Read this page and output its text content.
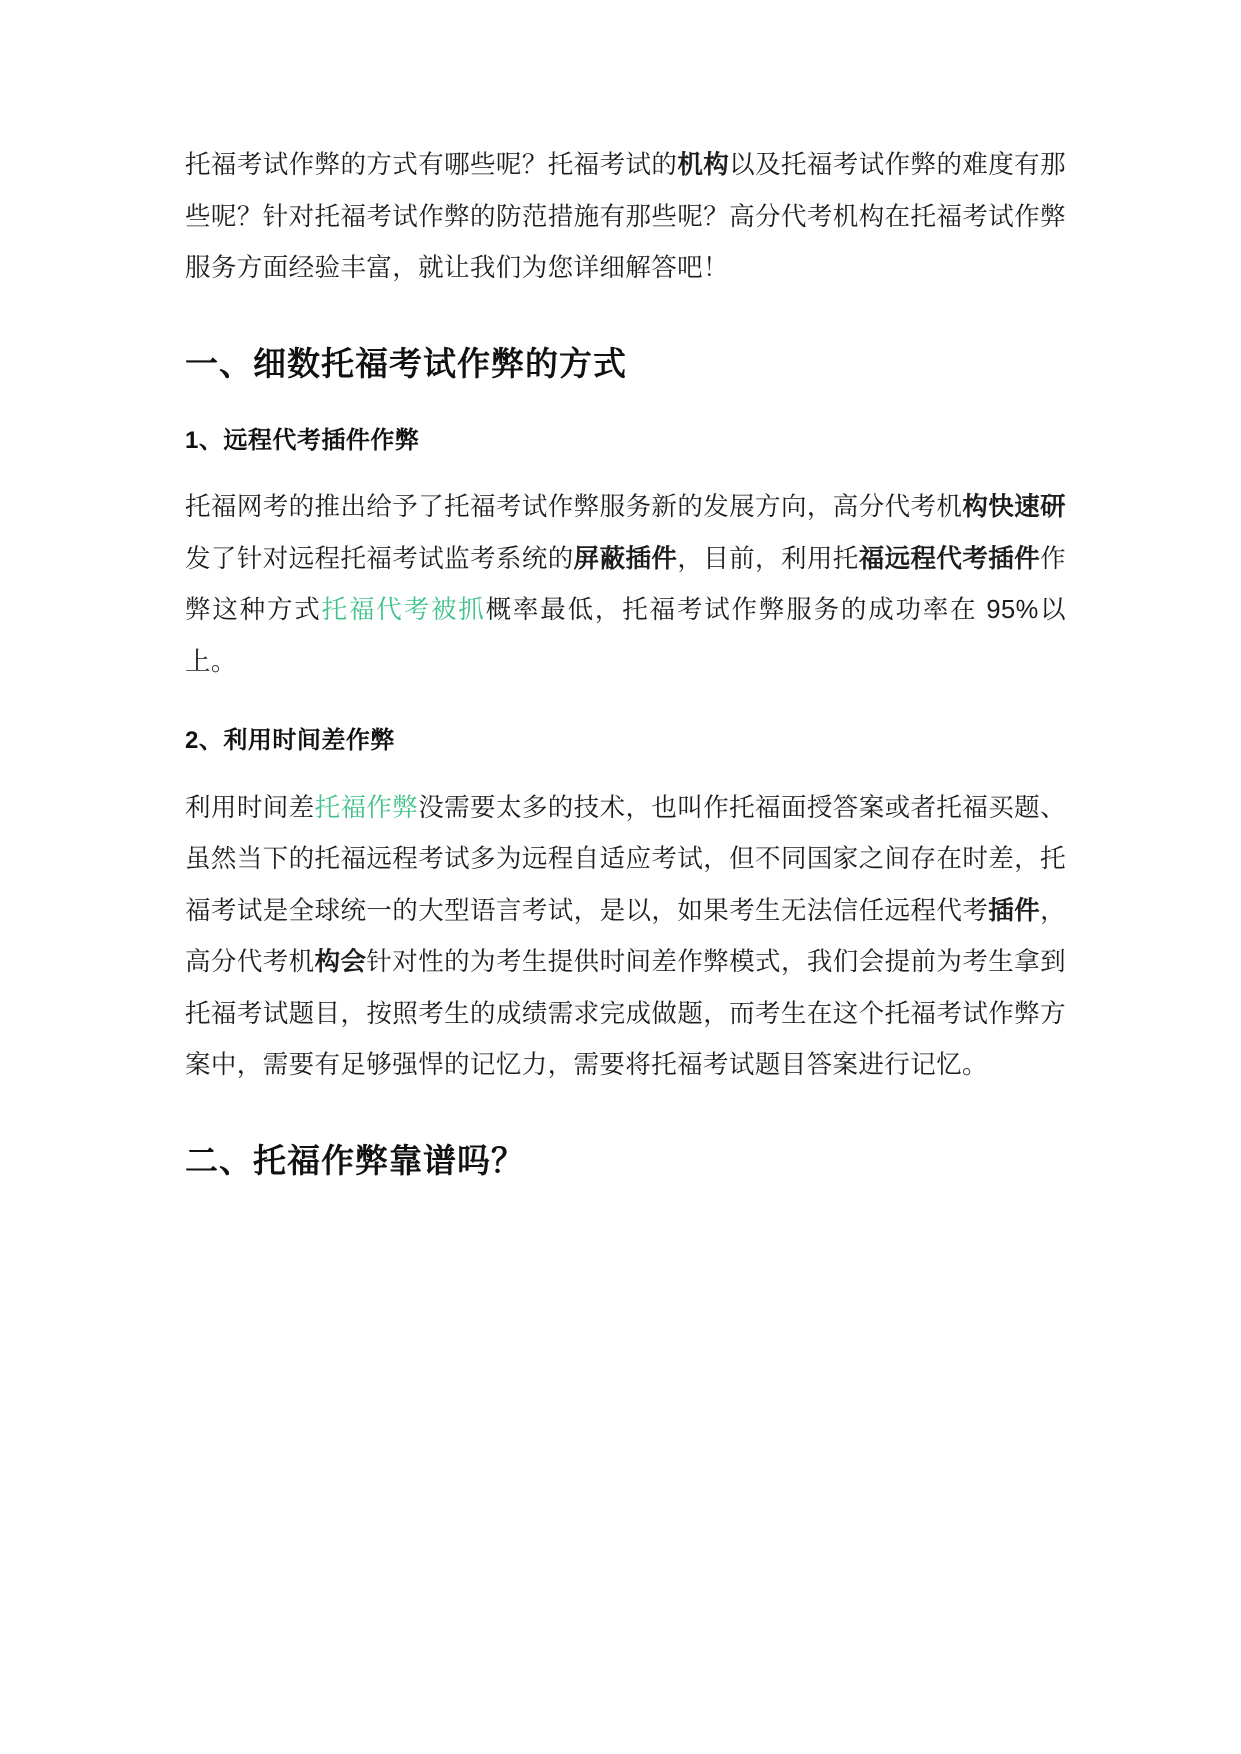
托福考试作弊的方式有哪些呢？托福考试的机构以及托福考试作弊的难度有那些呢？针对托福考试作弊的防范措施有那些呢？高分代考机构在托福考试作弊服务方面经验丰富，就让我们为您详细解答吧！

一、细数托福考试作弊的方式
1、远程代考插件作弊

托福网考的推出给予了托福考试作弊服务新的发展方向，高分代考机构快速研发了针对远程托福考试监考系统的屏蔽插件，目前，利用托福远程代考插件作弊这种方式托福代考被抓概率最低，托福考试作弊服务的成功率在 95%以上。

2、利用时间差作弊

利用时间差托福作弊没需要太多的技术，也叫作托福面授答案或者托福买题、虽然当下的托福远程考试多为远程自适应考试，但不同国家之间存在时差，托福考试是全球统一的大型语言考试，是以，如果考生无法信任远程代考插件，高分代考机构会针对性的为考生提供时间差作弊模式，我们会提前为考生拿到托福考试题目，按照考生的成绩需求完成做题，而考生在这个托福考试作弊方案中，需要有足够强悍的记忆力，需要将托福考试题目答案进行记忆。

二、托福作弊靠谱吗？
